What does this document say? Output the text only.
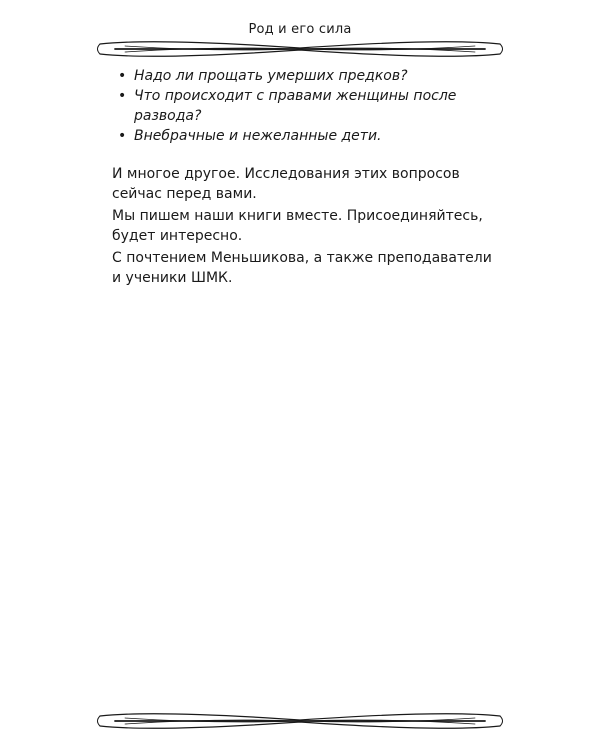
Род и его сила
• Надо ли прощать умерших предков?
• Что происходит с правами женщины после развода?
• Внебрачные и нежеланные дети.

И многое другое. Исследования этих вопросов сейчас перед вами.

Мы пишем наши книги вместе. Присоединяйтесь, будет интересно.

С почтением Меньшикова, а также преподаватели и ученики ШМК.
